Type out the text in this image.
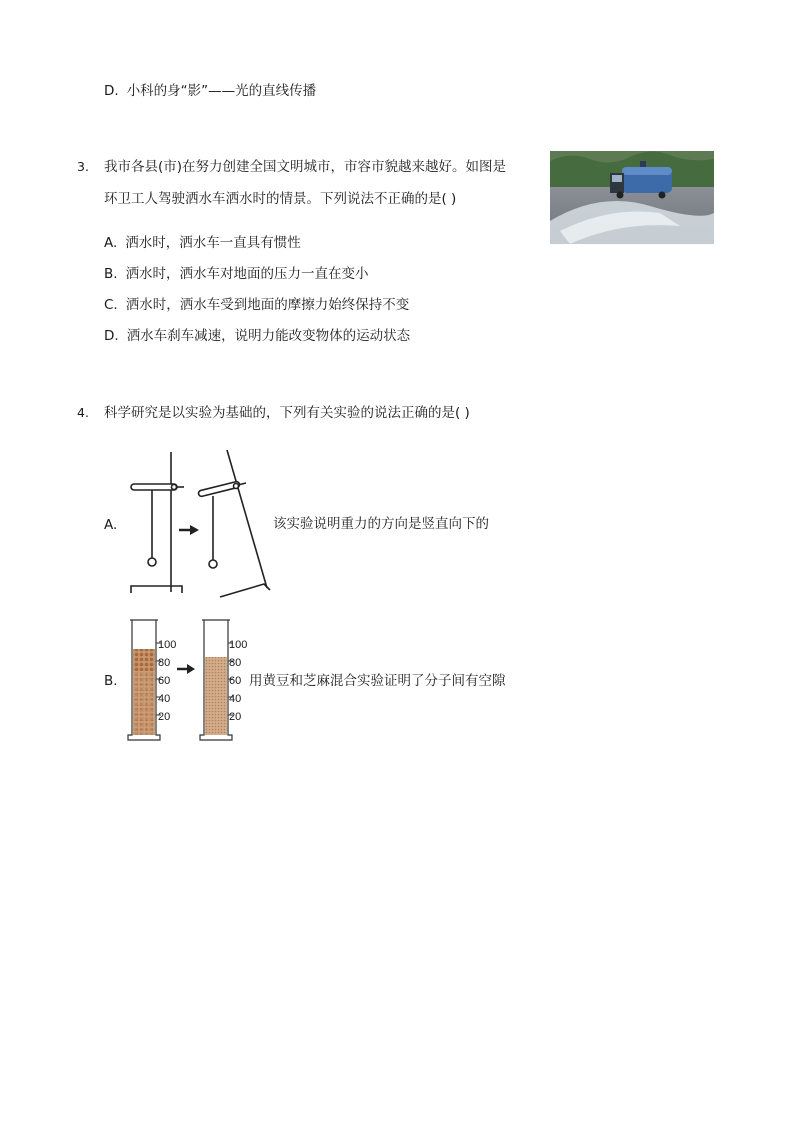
D. 小科的身“影”——光的直线传播
3. 我市各县(市)在努力创建全国文明城市，市容市貌越来越好。如图是
环卫工人驾驶洒水车洒水时的情景。下列说法不正确的是( )
A. 洒水时，洒水车一直具有惯性
B. 洒水时，洒水车对地面的压力一直在变小
C. 洒水时，洒水车受到地面的摩擦力始终保持不变
D. 洒水车刹车减速，说明力能改变物体的运动状态
4. 科学研究是以实验为基础的，下列有关实验的说法正确的是( )
A.	该实验说明重力的方向是竖直向下的
B.
100
80
60
40
20
100
80
60
40
20
用黄豆和芝麻混合实验证明了分子间有空隙
